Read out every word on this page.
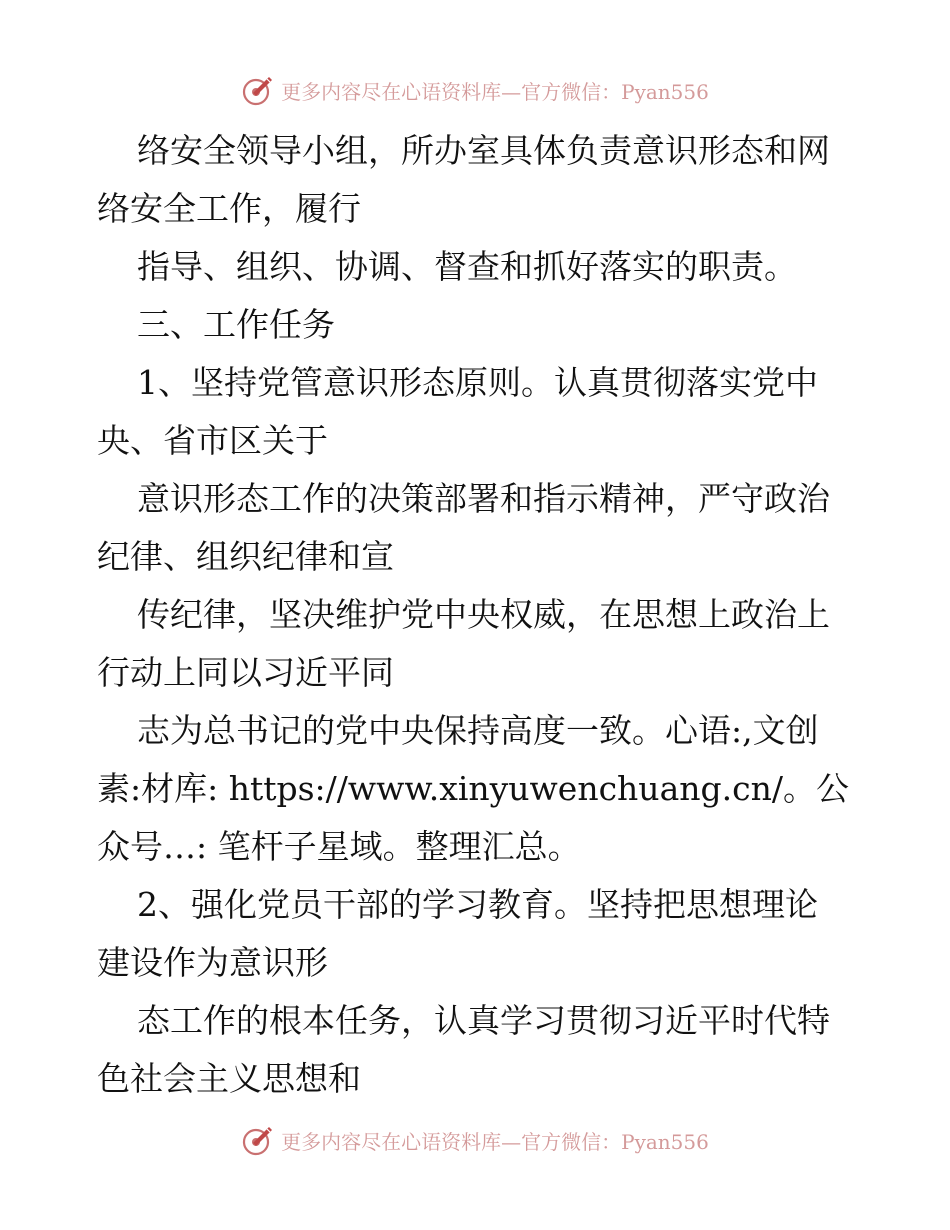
更多内容尽在心语资料库—官方微信：Pyan556
络安全领导小组，所办室具体负责意识形态和网
络安全工作，履行
指导、组织、协调、督查和抓好落实的职责。
三、工作任务
1、坚持党管意识形态原则。认真贯彻落实党中
央、省市区关于
意识形态工作的决策部署和指示精神，严守政治
纪律、组织纪律和宣
传纪律，坚决维护党中央权威，在思想上政治上
行动上同以习近平同
志为总书记的党中央保持高度一致。心语:,文创
素:材库: https://www.xinyuwenchuang.cn/。公
众号…: 笔杆子星域。整理汇总。
2、强化党员干部的学习教育。坚持把思想理论
建设作为意识形
态工作的根本任务，认真学习贯彻习近平时代特
色社会主义思想和
更多内容尽在心语资料库—官方微信：Pyan556
